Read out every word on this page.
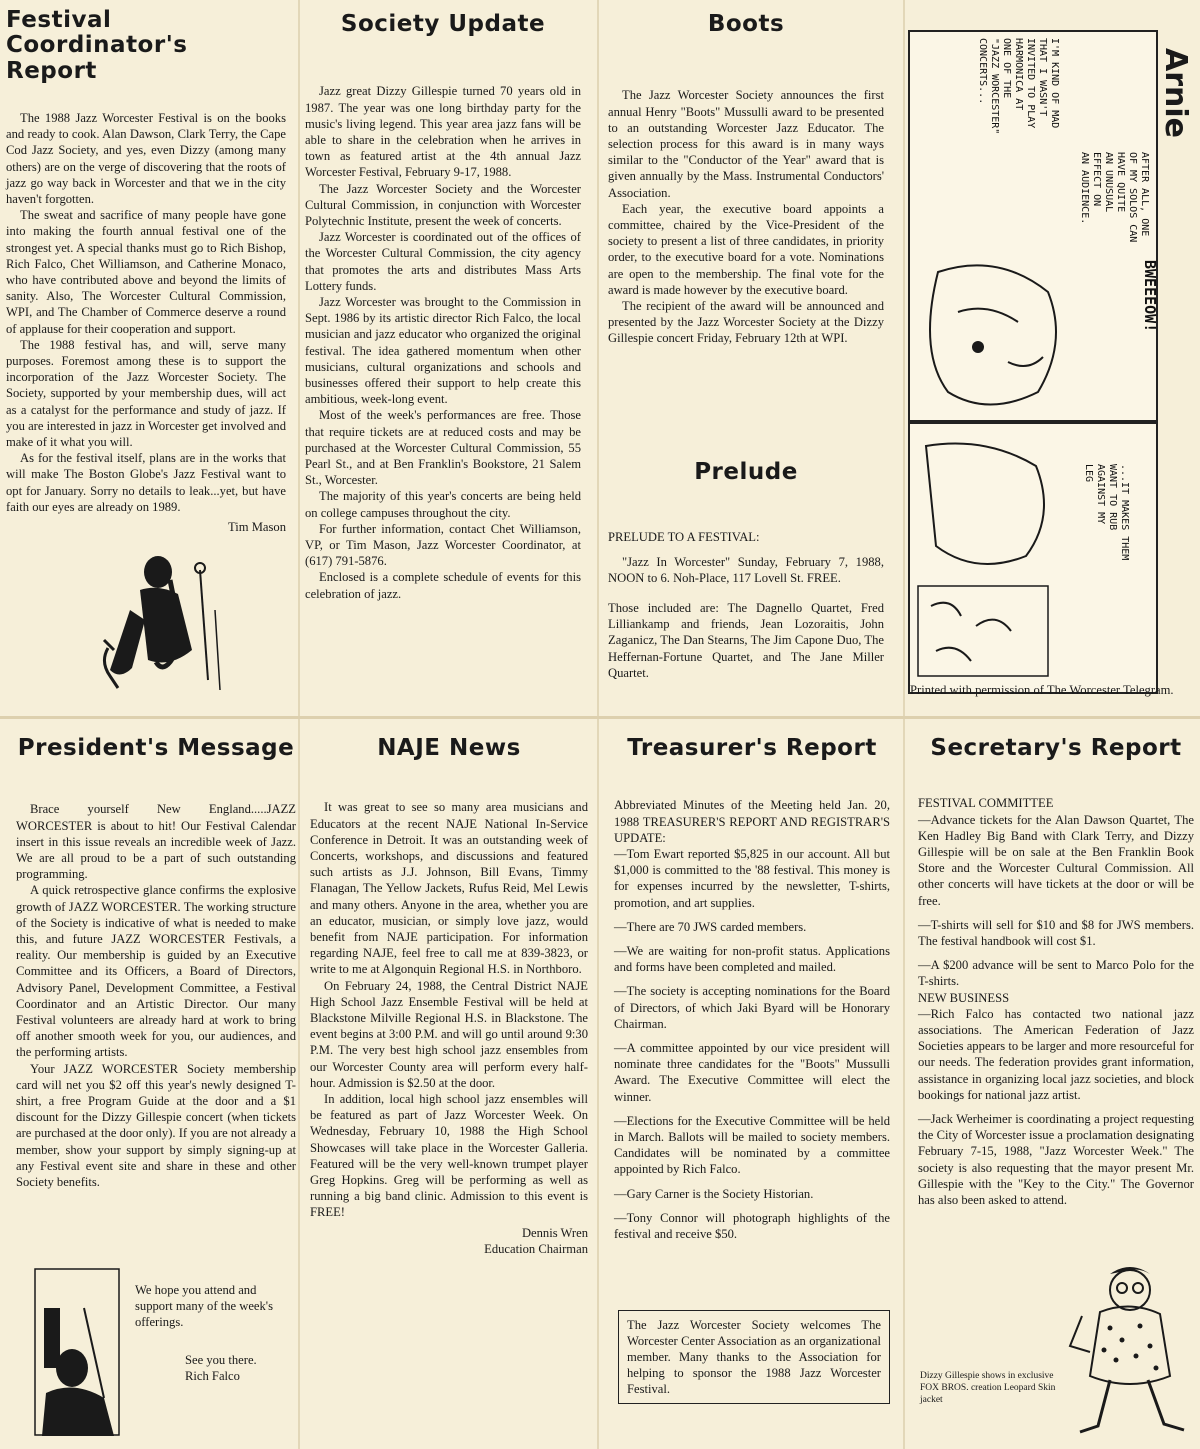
Festival Coordinator's Report

The 1988 Jazz Worcester Festival is on the books and ready to cook. Alan Dawson, Clark Terry, the Cape Cod Jazz Society, and yes, even Dizzy (among many others) are on the verge of discovering that the roots of jazz go way back in Worcester and that we in the city haven't forgotten.

The sweat and sacrifice of many people have gone into making the fourth annual festival one of the strongest yet. A special thanks must go to Rich Bishop, Rich Falco, Chet Williamson, and Catherine Monaco, who have contributed above and beyond the limits of sanity. Also, The Worcester Cultural Commission, WPI, and The Chamber of Commerce deserve a round of applause for their cooperation and support.

The 1988 festival has, and will, serve many purposes. Foremost among these is to support the incorporation of the Jazz Worcester Society. The Society, supported by your membership dues, will act as a catalyst for the performance and study of jazz. If you are interested in jazz in Worcester get involved and make of it what you will.

As for the festival itself, plans are in the works that will make The Boston Globe's Jazz Festival want to opt for January. Sorry no details to leak...yet, but have faith our eyes are already on 1989.

Tim Mason
Society Update

Jazz great Dizzy Gillespie turned 70 years old in 1987. The year was one long birthday party for the music's living legend. This year area jazz fans will be able to share in the celebration when he arrives in town as featured artist at the 4th annual Jazz Worcester Festival, February 9-17, 1988.

The Jazz Worcester Society and the Worcester Cultural Commission, in conjunction with Worcester Polytechnic Institute, present the week of concerts.

Jazz Worcester is coordinated out of the offices of the Worcester Cultural Commission, the city agency that promotes the arts and distributes Mass Arts Lottery funds.

Jazz Worcester was brought to the Commission in Sept. 1986 by its artistic director Rich Falco, the local musician and jazz educator who organized the original festival. The idea gathered momentum when other musicians, cultural organizations and schools and businesses offered their support to help create this ambitious, week-long event.

Most of the week's performances are free. Those that require tickets are at reduced costs and may be purchased at the Worcester Cultural Commission, 55 Pearl St., and at Ben Franklin's Bookstore, 21 Salem St., Worcester.

The majority of this year's concerts are being held on college campuses throughout the city.

For further information, contact Chet Williamson, VP, or Tim Mason, Jazz Worcester Coordinator, at (617) 791-5876.

Enclosed is a complete schedule of events for this celebration of jazz.

Boots

The Jazz Worcester Society announces the first annual Henry "Boots" Mussulli award to be presented to an outstanding Worcester Jazz Educator. The selection process for this award is in many ways similar to the "Conductor of the Year" award that is given annually by the Mass. Instrumental Conductors' Association.

Each year, the executive board appoints a committee, chaired by the Vice-President of the society to present a list of three candidates, in priority order, to the executive board for a vote. Nominations are open to the membership. The final vote for the award is made however by the executive board.

The recipient of the award will be announced and presented by the Jazz Worcester Society at the Dizzy Gillespie concert Friday, February 12th at WPI.

Prelude

PRELUDE TO A FESTIVAL:

"Jazz In Worcester" Sunday, February 7, 1988, NOON to 6. Noh-Place, 117 Lovell St. FREE.

Those included are: The Dagnello Quartet, Fred Lilliankamp and friends, Jean Lozoraitis, John Zaganicz, The Dan Stearns, The Jim Capone Duo, The Heffernan-Fortune Quartet, and The Jane Miller Quartet.

Arnie
I'M KIND OF MAD
THAT I WASN'T
INVITED TO PLAY
HARMONICA AT
ONE OF THE
"JAZZ WORCESTER"
CONCERTS...
AFTER ALL, ONE
OF MY SOLOS CAN
HAVE QUITE
AN UNUSUAL
EFFECT ON
AN AUDIENCE.
BWEEEOW!
...IT MAKES THEM
WANT TO RUB
AGAINST MY
LEG
Printed with permission of The Worcester Telegram.
President's Message

Brace yourself New England.....JAZZ WORCESTER is about to hit! Our Festival Calendar insert in this issue reveals an incredible week of Jazz. We are all proud to be a part of such outstanding programming.

A quick retrospective glance confirms the explosive growth of JAZZ WORCESTER. The working structure of the Society is indicative of what is needed to make this, and future JAZZ WORCESTER Festivals, a reality. Our membership is guided by an Executive Committee and its Officers, a Board of Directors, Advisory Panel, Development Committee, a Festival Coordinator and an Artistic Director. Our many Festival volunteers are already hard at work to bring off another smooth week for you, our audiences, and the performing artists.

Your JAZZ WORCESTER Society membership card will net you $2 off this year's newly designed T-shirt, a free Program Guide at the door and a $1 discount for the Dizzy Gillespie concert (when tickets are purchased at the door only). If you are not already a member, show your support by simply signing-up at any Festival event site and share in these and other Society benefits.

We hope you attend and support many of the week's offerings.
See you there.
Rich Falco
NAJE News

It was great to see so many area musicians and Educators at the recent NAJE National In-Service Conference in Detroit. It was an outstanding week of Concerts, workshops, and discussions and featured such artists as J.J. Johnson, Bill Evans, Timmy Flanagan, The Yellow Jackets, Rufus Reid, Mel Lewis and many others. Anyone in the area, whether you are an educator, musician, or simply love jazz, would benefit from NAJE participation. For information regarding NAJE, feel free to call me at 839-3823, or write to me at Algonquin Regional H.S. in Northboro.

On February 24, 1988, the Central District NAJE High School Jazz Ensemble Festival will be held at Blackstone Milville Regional H.S. in Blackstone. The event begins at 3:00 P.M. and will go until around 9:30 P.M. The very best high school jazz ensembles from our Worcester County area will perform every half-hour. Admission is $2.50 at the door.

In addition, local high school jazz ensembles will be featured as part of Jazz Worcester Week. On Wednesday, February 10, 1988 the High School Showcases will take place in the Worcester Galleria. Featured will be the very well-known trumpet player Greg Hopkins. Greg will be performing as well as running a big band clinic. Admission to this event is FREE!

Dennis Wren
Education Chairman
Treasurer's Report

Abbreviated Minutes of the Meeting held Jan. 20, 1988 TREASURER'S REPORT AND REGISTRAR'S UPDATE:

—Tom Ewart reported $5,825 in our account. All but $1,000 is committed to the '88 festival. This money is for expenses incurred by the newsletter, T-shirts, promotion, and art supplies.

—There are 70 JWS carded members.

—We are waiting for non-profit status. Applications and forms have been completed and mailed.

—The society is accepting nominations for the Board of Directors, of which Jaki Byard will be Honorary Chairman.

—A committee appointed by our vice president will nominate three candidates for the "Boots" Mussulli Award. The Executive Committee will elect the winner.

—Elections for the Executive Committee will be held in March. Ballots will be mailed to society members. Candidates will be nominated by a committee appointed by Rich Falco.

—Gary Carner is the Society Historian.

—Tony Connor will photograph highlights of the festival and receive $50.

The Jazz Worcester Society welcomes The Worcester Center Association as an organizational member. Many thanks to the Association for helping to sponsor the 1988 Jazz Worcester Festival.
Secretary's Report

FESTIVAL COMMITTEE

—Advance tickets for the Alan Dawson Quartet, The Ken Hadley Big Band with Clark Terry, and Dizzy Gillespie will be on sale at the Ben Franklin Book Store and the Worcester Cultural Commission. All other concerts will have tickets at the door or will be free.

—T-shirts will sell for $10 and $8 for JWS members. The festival handbook will cost $1.

—A $200 advance will be sent to Marco Polo for the T-shirts.

NEW BUSINESS

—Rich Falco has contacted two national jazz associations. The American Federation of Jazz Societies appears to be larger and more resourceful for our needs. The federation provides grant information, assistance in organizing local jazz societies, and block bookings for national jazz artist.

—Jack Werheimer is coordinating a project requesting the City of Worcester issue a proclamation designating February 7-15, 1988, "Jazz Worcester Week." The society is also requesting that the mayor present Mr. Gillespie with the "Key to the City." The Governor has also been asked to attend.

Dizzy Gillespie shows in exclusive FOX BROS. creation Leopard Skin jacket
